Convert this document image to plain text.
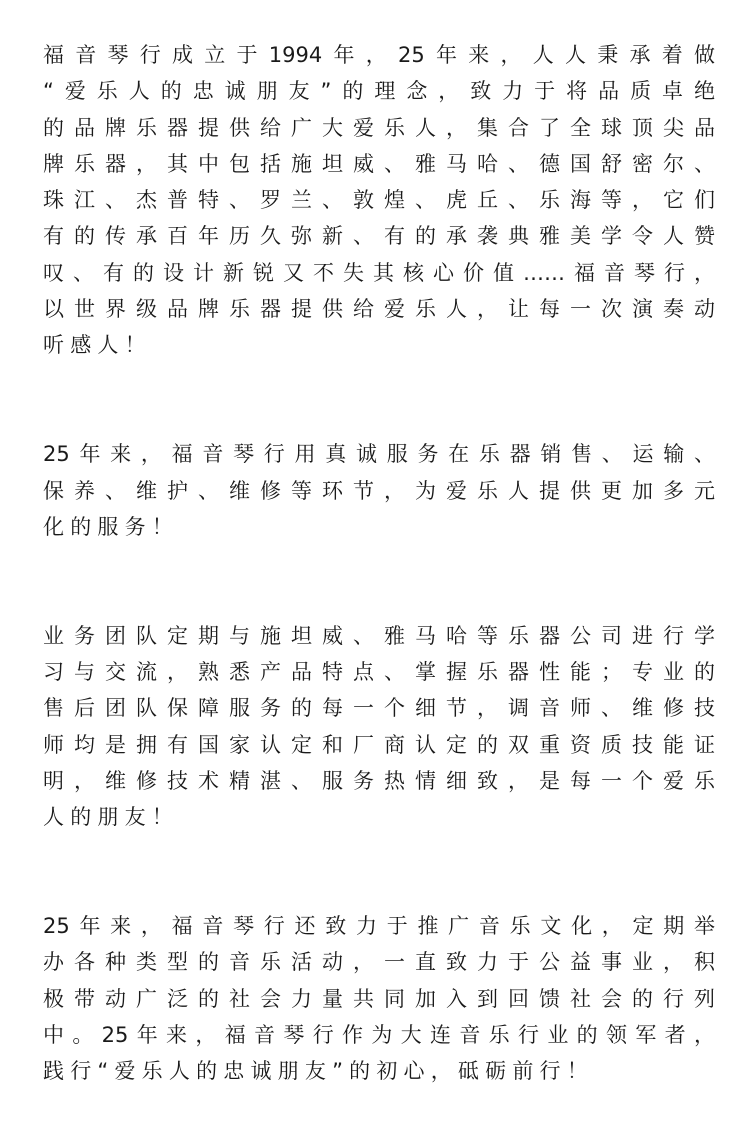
福音琴行成立于1994年，25年来，人人秉承着做
“爱乐人的忠诚朋友”的理念，致力于将品质卓绝
的品牌乐器提供给广大爱乐人，集合了全球顶尖品
牌乐器，其中包括施坦威、雅马哈、德国舒密尔、
珠江、杰普特、罗兰、敦煌、虎丘、乐海等，它们
有的传承百年历久弥新、有的承袭典雅美学令人赞
叹、有的设计新锐又不失其核心价值……福音琴行，
以世界级品牌乐器提供给爱乐人，让每一次演奏动
听感人！
25年来，福音琴行用真诚服务在乐器销售、运输、
保养、维护、维修等环节，为爱乐人提供更加多元
化的服务！
业务团队定期与施坦威、雅马哈等乐器公司进行学
习与交流，熟悉产品特点、掌握乐器性能；专业的
售后团队保障服务的每一个细节，调音师、维修技
师均是拥有国家认定和厂商认定的双重资质技能证
明，维修技术精湛、服务热情细致，是每一个爱乐
人的朋友！
25年来，福音琴行还致力于推广音乐文化，定期举
办各种类型的音乐活动，一直致力于公益事业，积
极带动广泛的社会力量共同加入到回馈社会的行列
中。25年来，福音琴行作为大连音乐行业的领军者，
践行“爱乐人的忠诚朋友”的初心，砥砺前行！
